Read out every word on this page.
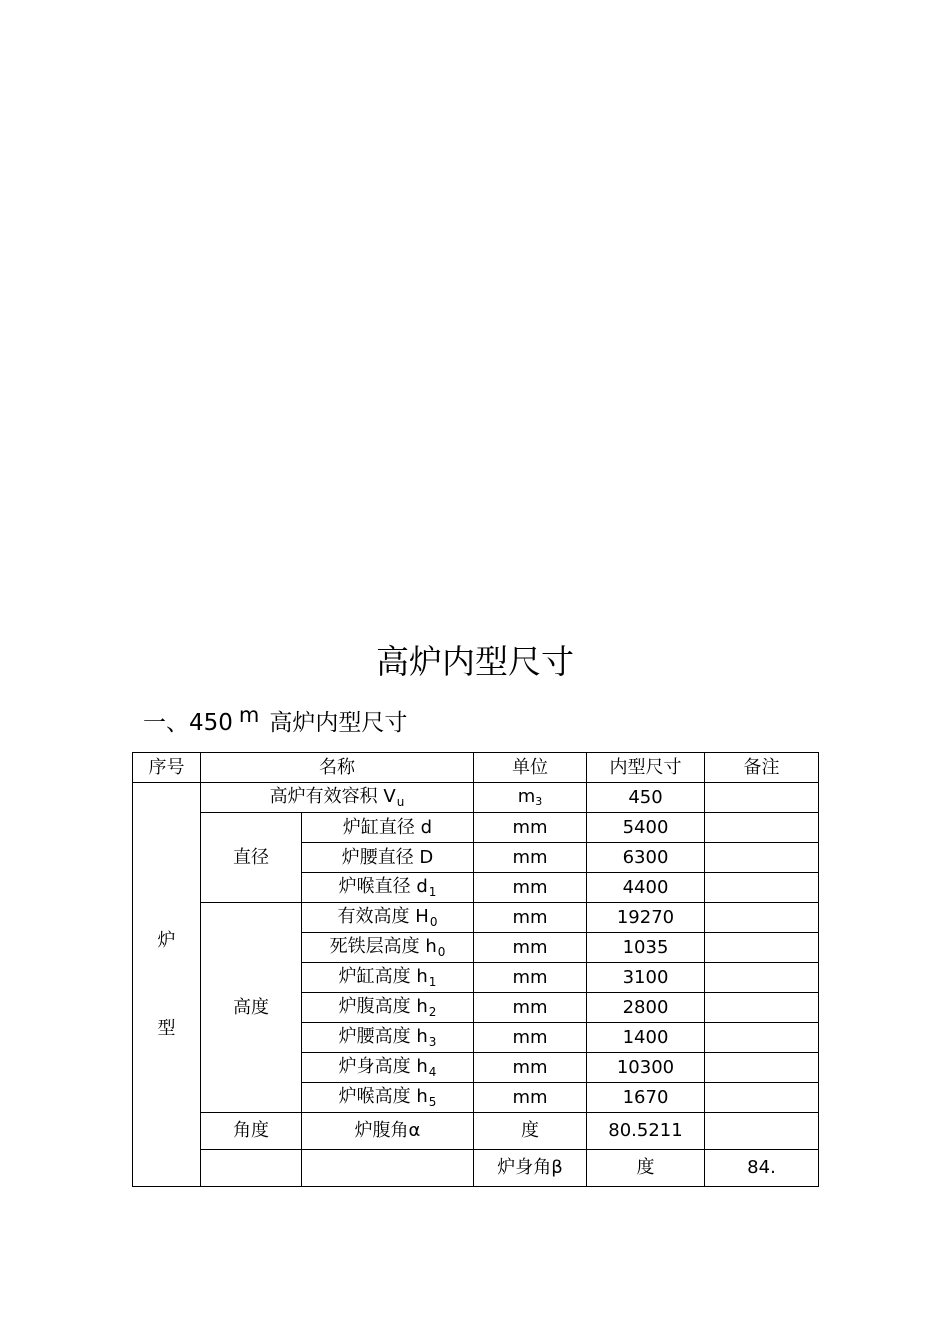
高炉内型尺寸
一、450 m 高炉内型尺寸
序号	名称		单位	内型尺寸	备注	

炉
型	高炉有效容积 $V_u$		$m^3$	450		
	直径	炉缸直径 d	mm	5400		
		炉腰直径 D	mm	6300		
		炉喉直径 $d_1$	mm	4400		
	高度	有效高度 $H_0$	mm	19270		
		死铁层高度 $h_0$	mm	1035		
		炉缸高度 $h_1$	mm	3100		
		炉腹高度 $h_2$	mm	2800		
		炉腰高度 $h_3$	mm	1400		
		炉身高度 $h_4$	mm	10300		
		炉喉高度 $h_5$	mm	1670		
	角度	炉腹角α	度	80.5211		
			炉身角β	度	84.	
